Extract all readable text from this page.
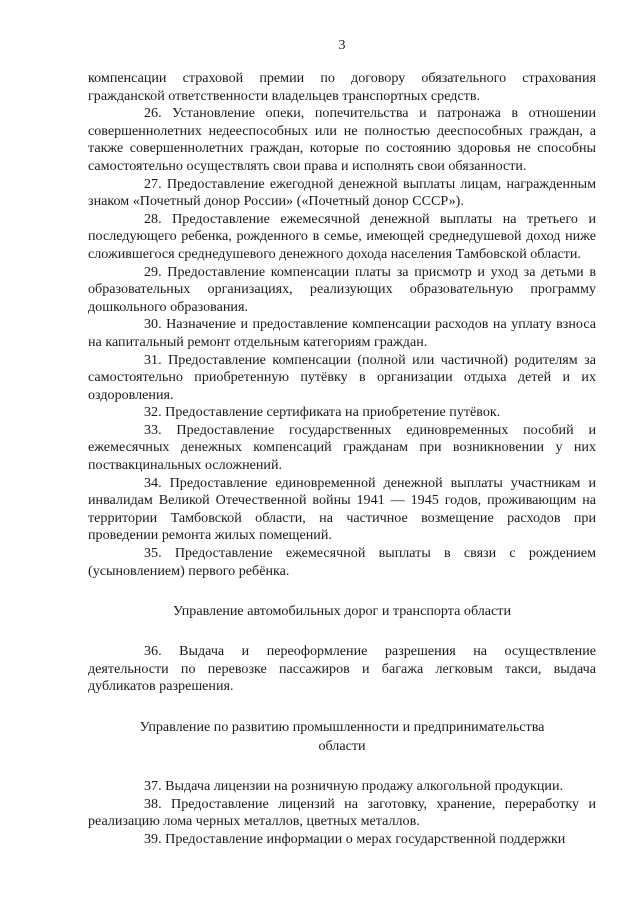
3

компенсации страховой премии по договору обязательного страхования гражданской ответственности владельцев транспортных средств.

26. Установление опеки, попечительства и патронажа в отношении совершеннолетних недееспособных или не полностью дееспособных граждан, а также совершеннолетних граждан, которые по состоянию здоровья не способны самостоятельно осуществлять свои права и исполнять свои обязанности.

27. Предоставление ежегодной денежной выплаты лицам, награжденным знаком «Почетный донор России» («Почетный донор СССР»).

28. Предоставление ежемесячной денежной выплаты на третьего и последующего ребенка, рожденного в семье, имеющей среднедушевой доход ниже сложившегося среднедушевого денежного дохода населения Тамбовской области.

29. Предоставление компенсации платы за присмотр и уход за детьми в образовательных организациях, реализующих образовательную программу дошкольного образования.

30. Назначение и предоставление компенсации расходов на уплату взноса на капитальный ремонт отдельным категориям граждан.

31. Предоставление компенсации (полной или частичной) родителям за самостоятельно приобретенную путёвку в организации отдыха детей и их оздоровления.

32. Предоставление сертификата на приобретение путёвок.

33. Предоставление государственных единовременных пособий и ежемесячных денежных компенсаций гражданам при возникновении у них поствакцинальных осложнений.

34. Предоставление единовременной денежной выплаты участникам и инвалидам Великой Отечественной войны 1941 — 1945 годов, проживающим на территории Тамбовской области, на частичное возмещение расходов при проведении ремонта жилых помещений.

35. Предоставление ежемесячной выплаты в связи с рождением (усыновлением) первого ребёнка.

Управление автомобильных дорог и транспорта области

36. Выдача и переоформление разрешения на осуществление деятельности по перевозке пассажиров и багажа легковым такси, выдача дубликатов разрешения.

Управление по развитию промышленности и предпринимательства области

37. Выдача лицензии на розничную продажу алкогольной продукции.

38. Предоставление лицензий на заготовку, хранение, переработку и реализацию лома черных металлов, цветных металлов.

39. Предоставление информации о мерах государственной поддержки
